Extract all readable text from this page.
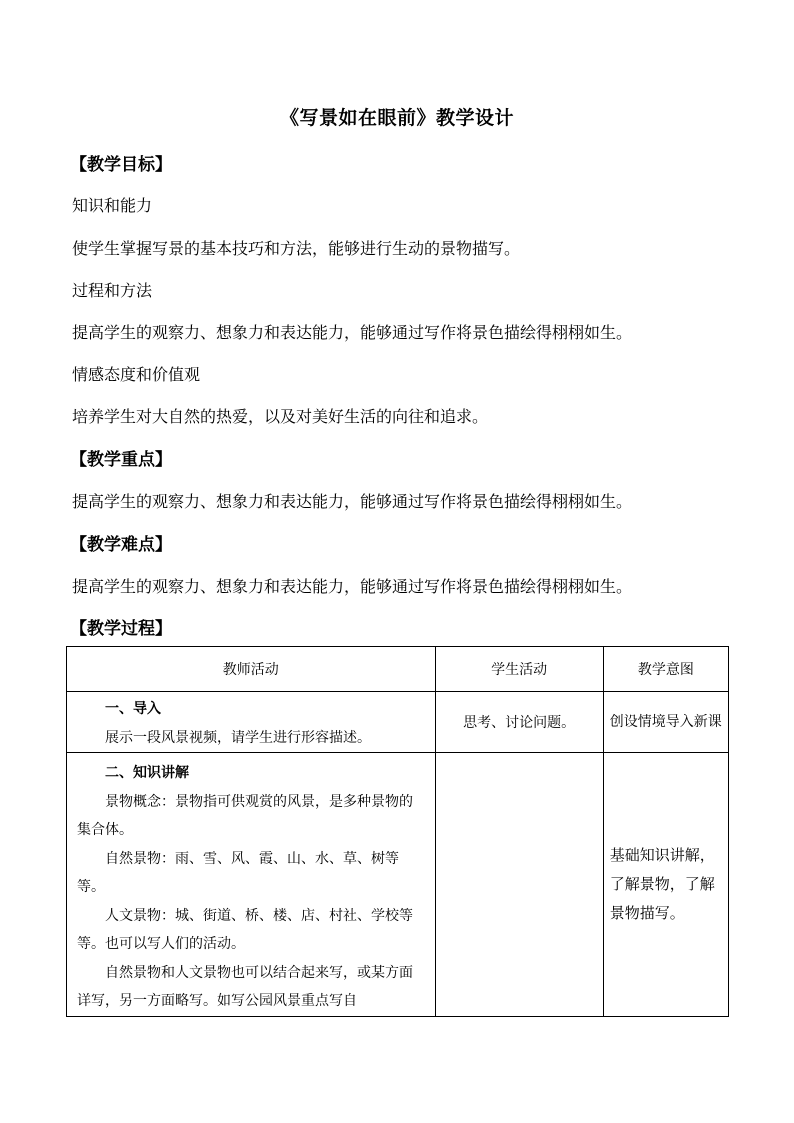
《写景如在眼前》教学设计
【教学目标】
知识和能力
使学生掌握写景的基本技巧和方法，能够进行生动的景物描写。
过程和方法
提高学生的观察力、想象力和表达能力，能够通过写作将景色描绘得栩栩如生。
情感态度和价值观
培养学生对大自然的热爱，以及对美好生活的向往和追求。
【教学重点】
提高学生的观察力、想象力和表达能力，能够通过写作将景色描绘得栩栩如生。
【教学难点】
提高学生的观察力、想象力和表达能力，能够通过写作将景色描绘得栩栩如生。
【教学过程】
教师活动	学生活动	教学意图

一、导入
展示一段风景视频，请学生进行形容描述。	思考、讨论问题。	创设情境导入新课

二、知识讲解
景物概念：景物指可供观赏的风景，是多种景物的集合体。
自然景物：雨、雪、风、霞、山、水、草、树等等。
人文景物：城、街道、桥、楼、店、村社、学校等等。也可以写人们的活动。
自然景物和人文景物也可以结合起来写，或某方面详写，另一方面略写。如写公园风景重点写自		基础知识讲解，了解景物，了解景物描写。
